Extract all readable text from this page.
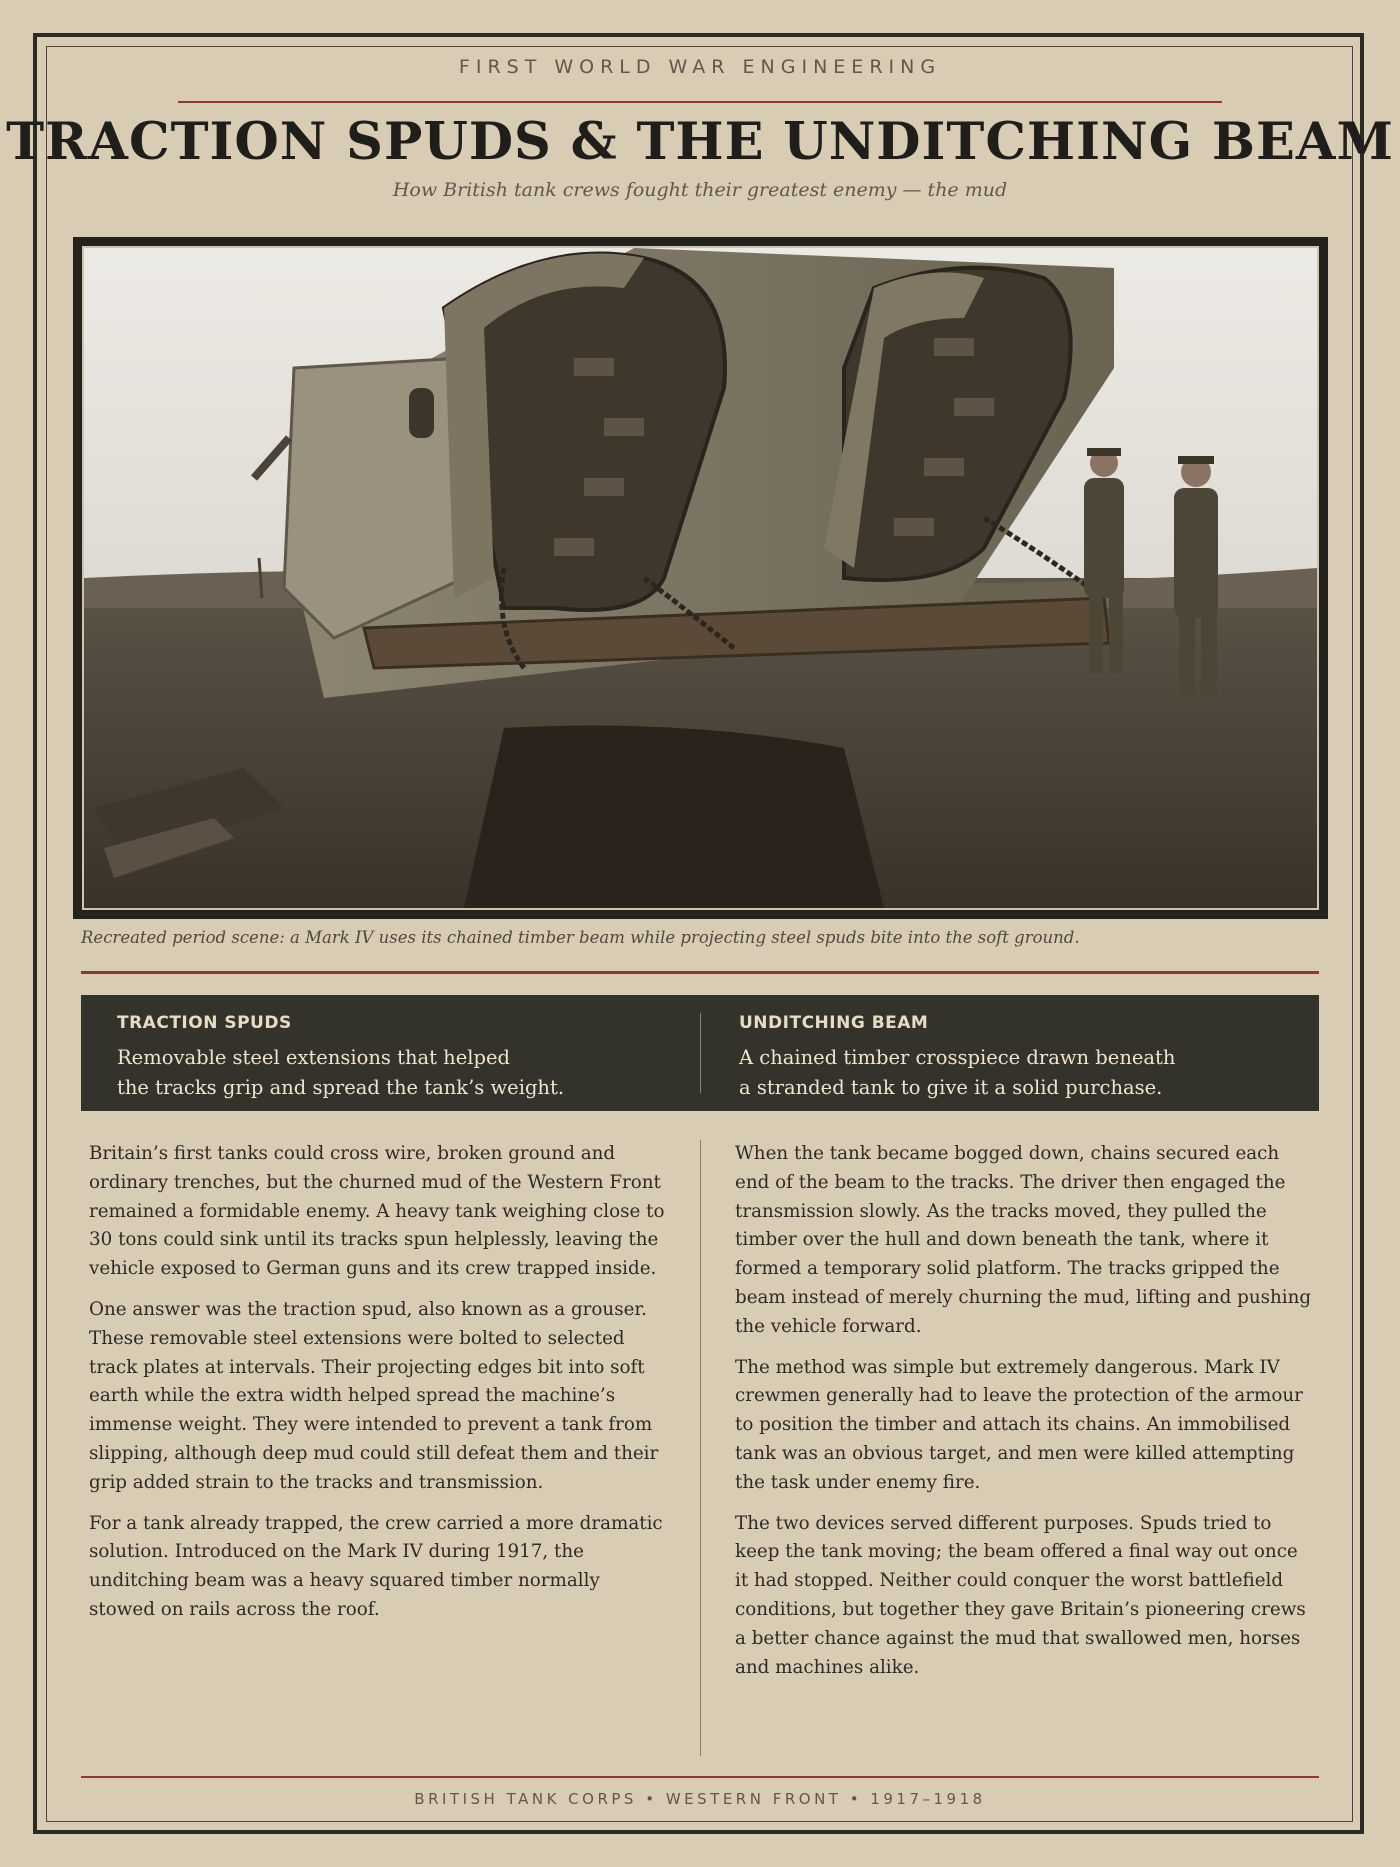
FIRST WORLD WAR ENGINEERING
TRACTION SPUDS & THE UNDITCHING BEAM
How British tank crews fought their greatest enemy — the mud
Recreated period scene: a Mark IV uses its chained timber beam while projecting steel spuds bite into the soft ground.
TRACTION SPUDS

Removable steel extensions that helped
the tracks grip and spread the tank’s weight.

UNDITCHING BEAM

A chained timber crosspiece drawn beneath
a stranded tank to give it a solid purchase.

Britain’s first tanks could cross wire, broken ground and ordinary trenches, but the churned mud of the Western Front remained a formidable enemy. A heavy tank weighing close to 30 tons could sink until its tracks spun helplessly, leaving the vehicle exposed to German guns and its crew trapped inside.

One answer was the traction spud, also known as a grouser. These removable steel extensions were bolted to selected track plates at intervals. Their projecting edges bit into soft earth while the extra width helped spread the machine’s immense weight. They were intended to prevent a tank from slipping, although deep mud could still defeat them and their grip added strain to the tracks and transmission.

For a tank already trapped, the crew carried a more dramatic solution. Introduced on the Mark IV during 1917, the unditching beam was a heavy squared timber normally stowed on rails across the roof.

When the tank became bogged down, chains secured each end of the beam to the tracks. The driver then engaged the transmission slowly. As the tracks moved, they pulled the timber over the hull and down beneath the tank, where it formed a temporary solid platform. The tracks gripped the beam instead of merely churning the mud, lifting and pushing the vehicle forward.

The method was simple but extremely dangerous. Mark IV crewmen generally had to leave the protection of the armour to position the timber and attach its chains. An immobilised tank was an obvious target, and men were killed attempting the task under enemy fire.

The two devices served different purposes. Spuds tried to keep the tank moving; the beam offered a final way out once it had stopped. Neither could conquer the worst battlefield conditions, but together they gave Britain’s pioneering crews a better chance against the mud that swallowed men, horses and machines alike.

BRITISH TANK CORPS • WESTERN FRONT • 1917–1918
